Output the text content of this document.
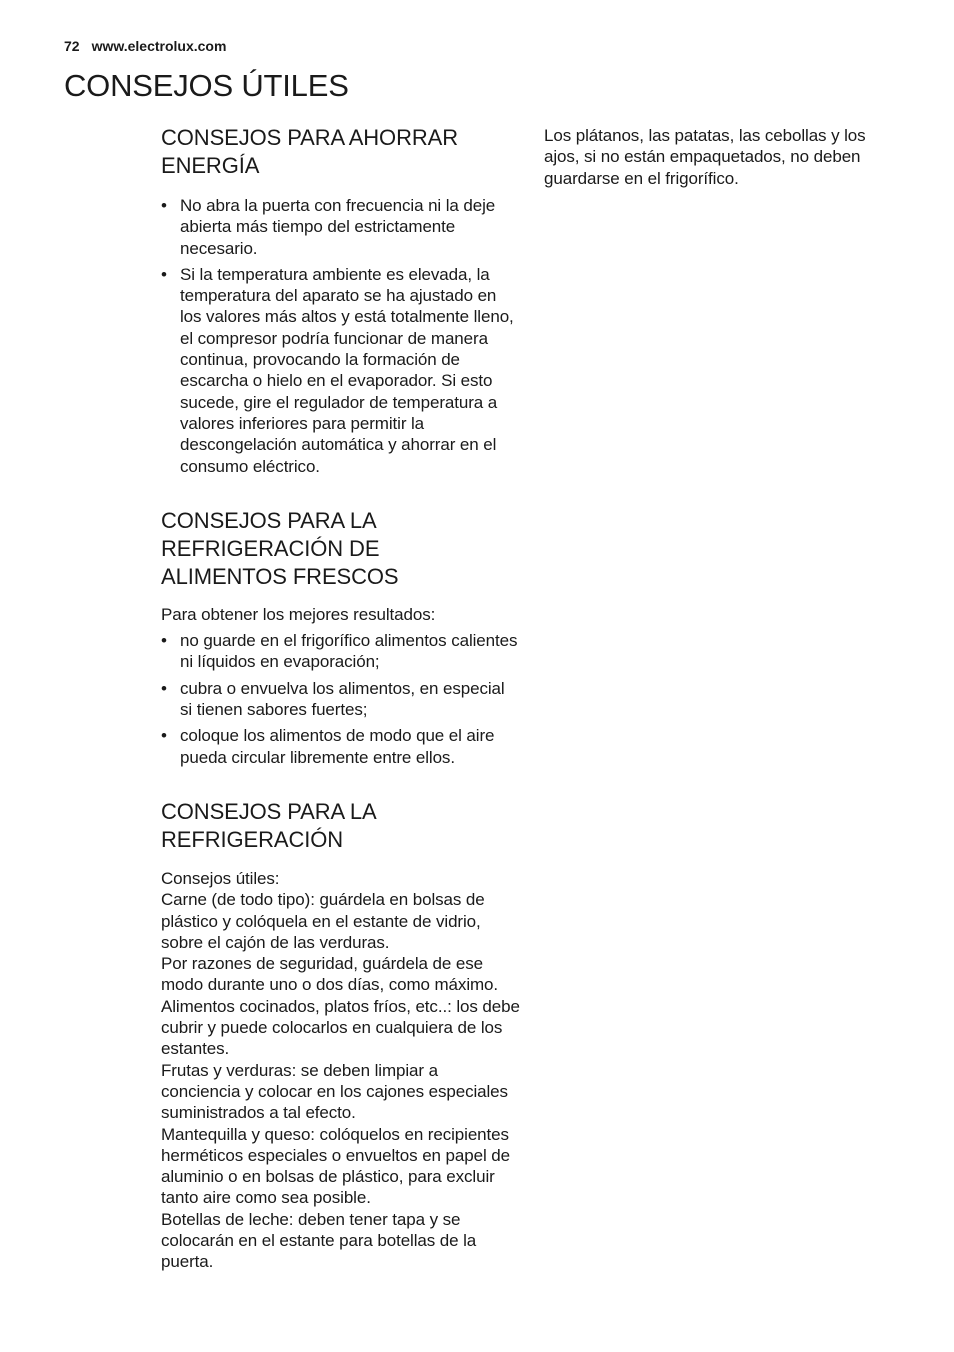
72 www.electrolux.com
CONSEJOS ÚTILES
CONSEJOS PARA AHORRAR
ENERGÍA
• No abra la puerta con frecuencia ni la deje abierta más tiempo del estrictamente necesario.
• Si la temperatura ambiente es elevada, la temperatura del aparato se ha ajustado en los valores más altos y está totalmente lleno, el compresor podría funcionar de manera continua, provocando la formación de escarcha o hielo en el evaporador. Si esto sucede, gire el regulador de temperatura a valores inferiores para permitir la descongelación automática y ahorrar en el consumo eléctrico.
CONSEJOS PARA LA
REFRIGERACIÓN DE
ALIMENTOS FRESCOS

Para obtener los mejores resultados:

• no guarde en el frigorífico alimentos calientes ni líquidos en evaporación;
• cubra o envuelva los alimentos, en especial si tienen sabores fuertes;
• coloque los alimentos de modo que el aire pueda circular libremente entre ellos.
CONSEJOS PARA LA
REFRIGERACIÓN

Consejos útiles:

Carne (de todo tipo): guárdela en bolsas de plástico y colóquela en el estante de vidrio, sobre el cajón de las verduras.

Por razones de seguridad, guárdela de ese modo durante uno o dos días, como máximo.

Alimentos cocinados, platos fríos, etc..: los debe cubrir y puede colocarlos en cualquiera de los estantes.

Frutas y verduras: se deben limpiar a conciencia y colocar en los cajones especiales suministrados a tal efecto.

Mantequilla y queso: colóquelos en recipientes herméticos especiales o envueltos en papel de aluminio o en bolsas de plástico, para excluir tanto aire como sea posible.

Botellas de leche: deben tener tapa y se colocarán en el estante para botellas de la puerta.

Los plátanos, las patatas, las cebollas y los ajos, si no están empaquetados, no deben guardarse en el frigorífico.
